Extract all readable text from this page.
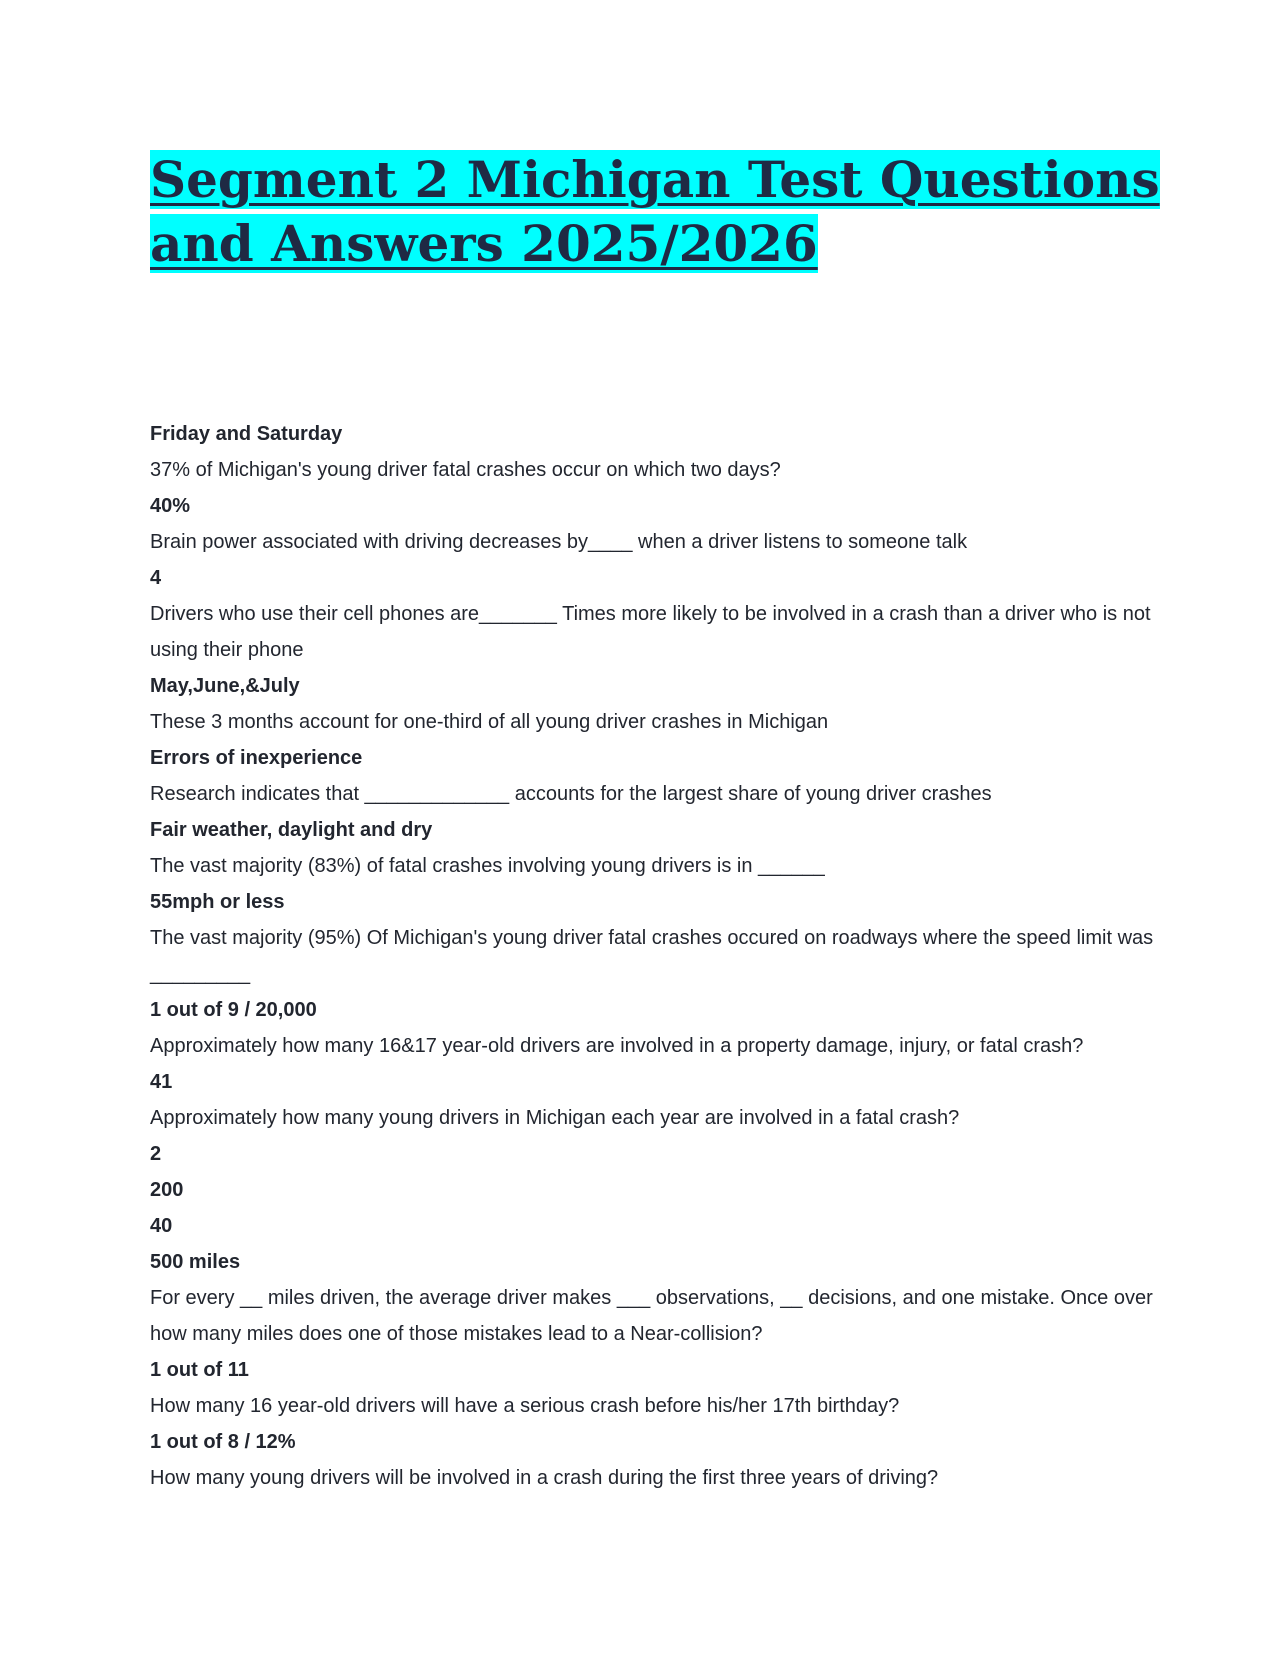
Segment 2 Michigan Test Questions and Answers 2025/2026

Friday and Saturday

37% of Michigan's young driver fatal crashes occur on which two days?

40%

Brain power associated with driving decreases by____ when a driver listens to someone talk

4

Drivers who use their cell phones are_______ Times more likely to be involved in a crash than a driver who is not using their phone

May,June,&July

These 3 months account for one-third of all young driver crashes in Michigan

Errors of inexperience

Research indicates that _____________ accounts for the largest share of young driver crashes

Fair weather, daylight and dry

The vast majority (83%) of fatal crashes involving young drivers is in ______

55mph or less

The vast majority (95%) Of Michigan's young driver fatal crashes occured on roadways where the speed limit was _________

1 out of 9 / 20,000

Approximately how many 16&17 year-old drivers are involved in a property damage, injury, or fatal crash?

41

Approximately how many young drivers in Michigan each year are involved in a fatal crash?

2

200

40

500 miles

For every __ miles driven, the average driver makes ___ observations, __ decisions, and one mistake. Once over how many miles does one of those mistakes lead to a Near-collision?

1 out of 11

How many 16 year-old drivers will have a serious crash before his/her 17th birthday?

1 out of 8 / 12%

How many young drivers will be involved in a crash during the first three years of driving?
